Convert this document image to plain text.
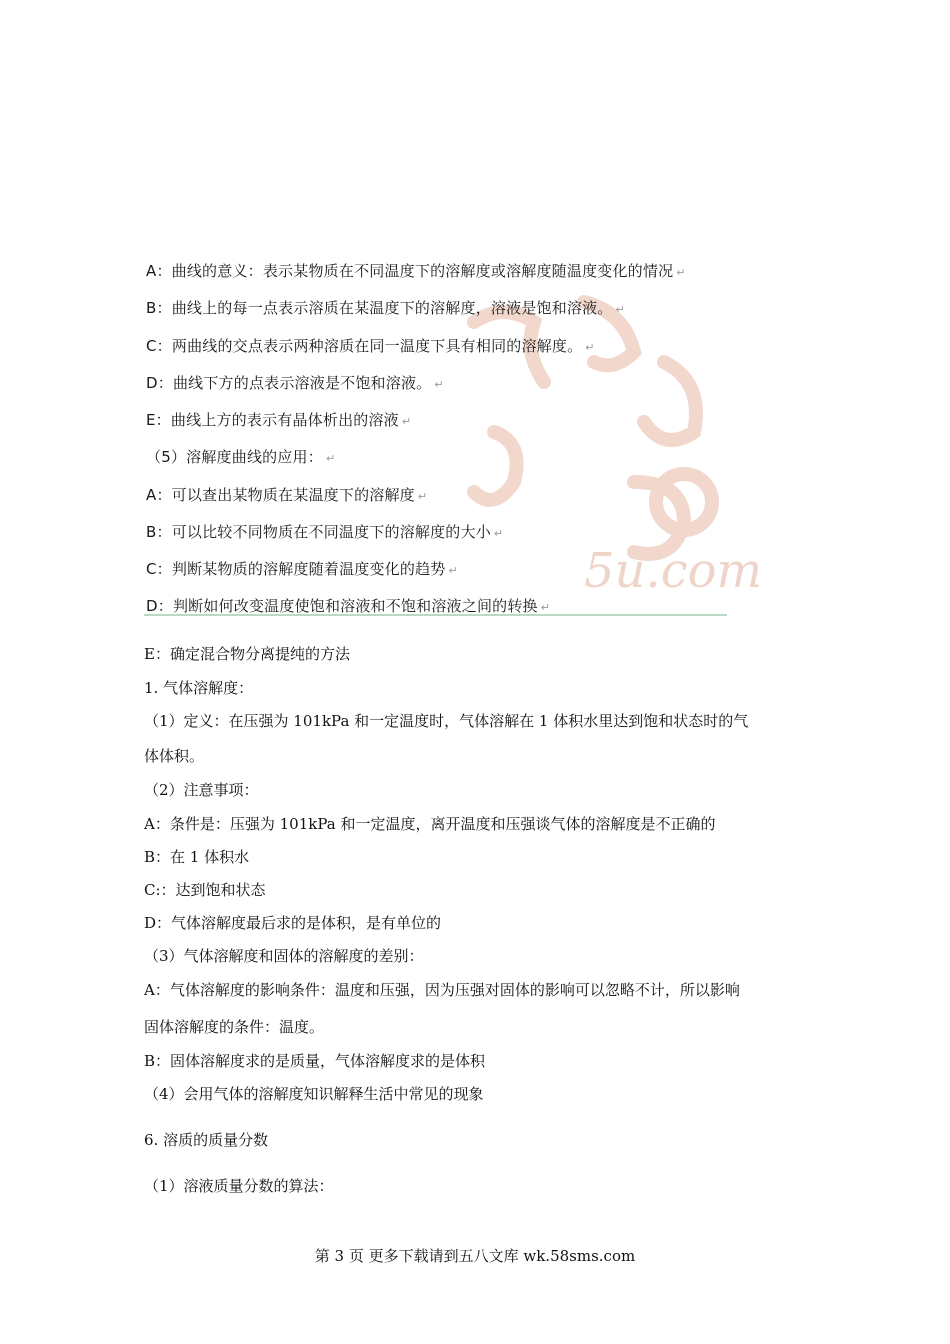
5u.com
A：曲线的意义：表示某物质在不同温度下的溶解度或溶解度随温度变化的情况 ↵
B：曲线上的每一点表示溶质在某温度下的溶解度，溶液是饱和溶液。 ↵
C：两曲线的交点表示两种溶质在同一温度下具有相同的溶解度。 ↵
D：曲线下方的点表示溶液是不饱和溶液。 ↵
E：曲线上方的表示有晶体析出的溶液 ↵
（5）溶解度曲线的应用： ↵
A：可以查出某物质在某温度下的溶解度 ↵
B：可以比较不同物质在不同温度下的溶解度的大小 ↵
C：判断某物质的溶解度随着温度变化的趋势 ↵
D：判断如何改变温度使饱和溶液和不饱和溶液之间的转换 ↵
E：确定混合物分离提纯的方法
1. 气体溶解度：
（1）定义：在压强为 101kPa 和一定温度时，气体溶解在 1 体积水里达到饱和状态时的气
体体积。
（2）注意事项：
A：条件是：压强为 101kPa 和一定温度，离开温度和压强谈气体的溶解度是不正确的
B：在 1 体积水
C:：达到饱和状态
D：气体溶解度最后求的是体积，是有单位的
（3）气体溶解度和固体的溶解度的差别：
A：气体溶解度的影响条件：温度和压强，因为压强对固体的影响可以忽略不计，所以影响
固体溶解度的条件：温度。
B：固体溶解度求的是质量，气体溶解度求的是体积
（4）会用气体的溶解度知识解释生活中常见的现象
6. 溶质的质量分数
（1）溶液质量分数的算法：
第 3 页 更多下载请到五八文库 wk.58sms.com
